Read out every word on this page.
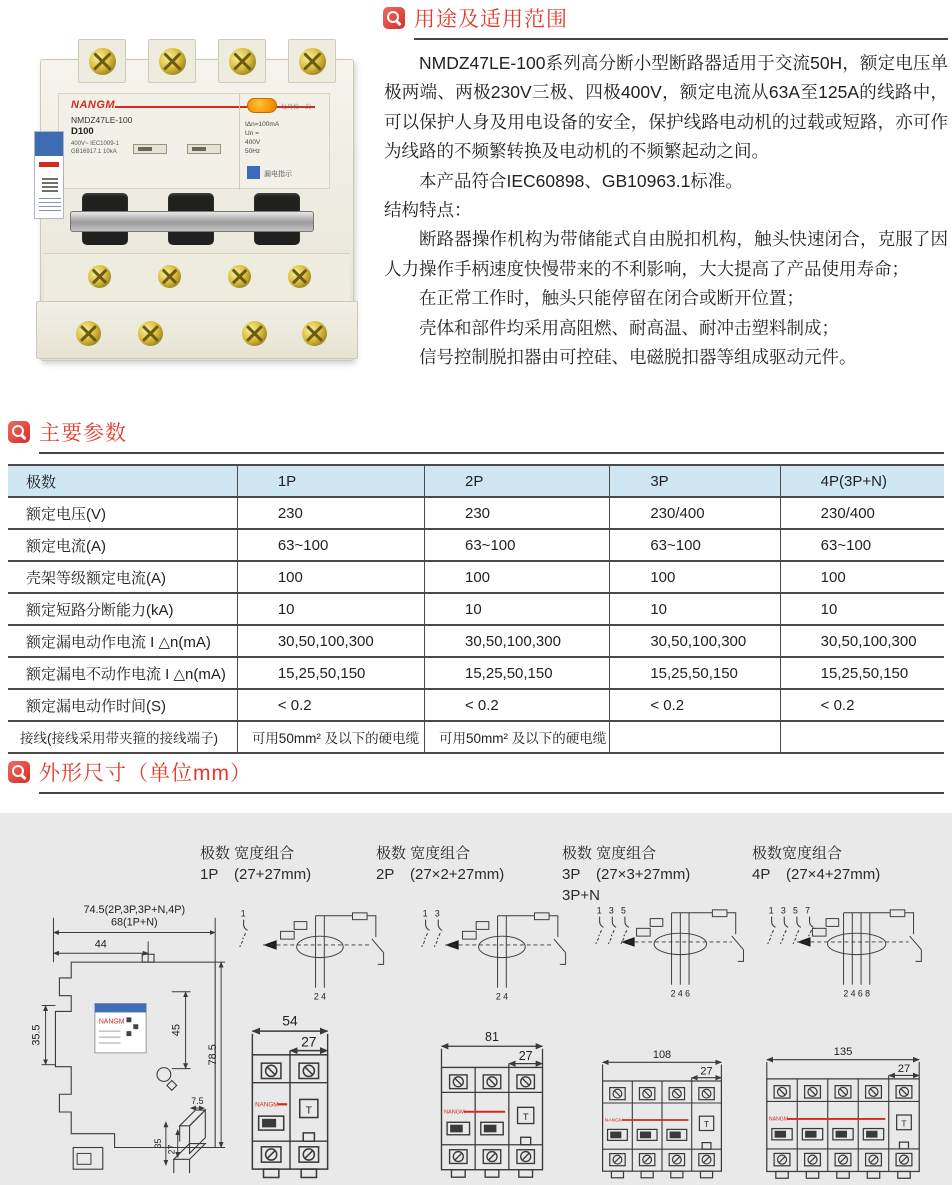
NANGM
NMDZ47LE-100
D100
400V~ IEC1009-1 GB16917.1 10kA
每月按一次
IΔn=100mA

Un = 400V 50Hz
漏电指示
用途及适用范围

NMDZ47LE-100系列高分断小型断路器适用于交流50H，额定电压单极两端、两极230V三极、四极400V，额定电流从63A至125A的线路中，可以保护人身及用电设备的安全，保护线路电动机的过载或短路，亦可作为线路的不频繁转换及电动机的不频繁起动之间。

本产品符合IEC60898、GB10963.1标准。

结构特点：

断路器操作机构为带储能式自由脱扣机构，触头快速闭合，克服了因人力操作手柄速度快慢带来的不利影响，大大提高了产品使用寿命；

在正常工作时，触头只能停留在闭合或断开位置；

壳体和部件均采用高阻燃、耐高温、耐冲击塑料制成；

信号控制脱扣器由可控硅、电磁脱扣器等组成驱动元件。

主要参数
极数	1P	2P	3P	4P(3P+N)
额定电压(V)	230	230	230/400	230/400
额定电流(A)	63~100	63~100	63~100	63~100
壳架等级额定电流(A)	100	100	100	100
额定短路分断能力(kA)	10	10	10	10
额定漏电动作电流 I △n(mA)	30,50,100,300	30,50,100,300	30,50,100,300	30,50,100,300
额定漏电不动作电流 I △n(mA)	15,25,50,150	15,25,50,150	15,25,50,150	15,25,50,150
额定漏电动作时间(S)	< 0.2	< 0.2	< 0.2	< 0.2
接线(接线采用带夹箍的接线端子)	可用50mm² 及以下的硬电缆	可用50mm² 及以下的硬电缆		
外形尺寸（单位mm）
极数 宽度组合
1P (27+27mm)
极数 宽度组合
2P (27×2+27mm)
极数 宽度组合
3P (27×3+27mm)
3P+N
极数宽度组合
4P (27×4+27mm)
74.5(2P,3P,3P+N,4P)
68(1P+N)
44
NANGM
35.5	45
78.5
7.5
35
27
1
2 4
1 3
2 4
1 3 5
2 4 6
1 3 5 7
2 4 6 8
54
27
NANGM
T
81
27
NANGM	T
108
27
NANGM	T
135
27
NANGM	T
